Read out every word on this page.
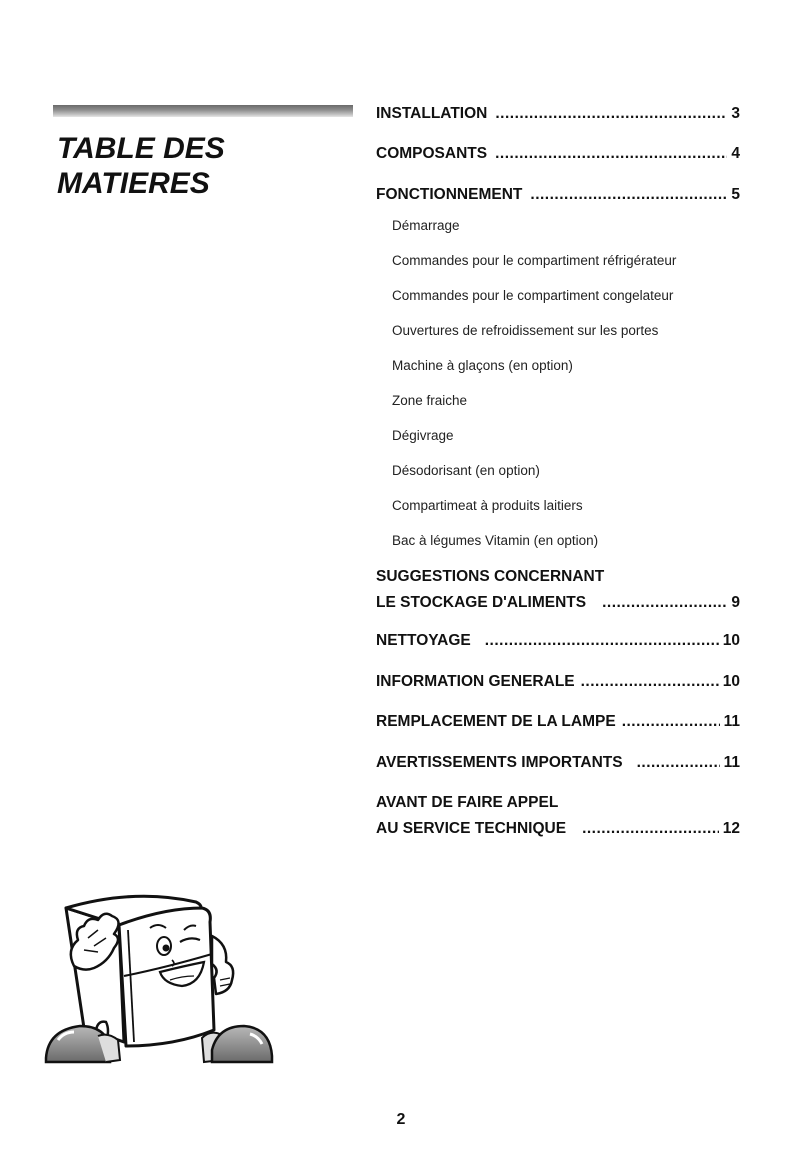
TABLE DES
MATIERES
INSTALLATION .....	3
COMPOSANTS .....	4
FONCTIONNEMENT .....	5
Démarrage
Commandes pour le compartiment réfrigérateur
Commandes pour le compartiment congelateur
Ouvertures de refroidissement sur les portes
Machine à glaçons (en option)
Zone fraiche
Dégivrage
Désodorisant (en option)
Compartimeat à produits laitiers
Bac à légumes Vitamin (en option)
SUGGESTIONS CONCERNANT
LE STOCKAGE D'ALIMENTS .....	9
NETTOYAGE .....	10
INFORMATION GENERALE .....	10
REMPLACEMENT DE LA LAMPE .....	11
AVERTISSEMENTS IMPORTANTS .....	11
AVANT DE FAIRE APPEL
AU SERVICE TECHNIQUE .....	12
2
